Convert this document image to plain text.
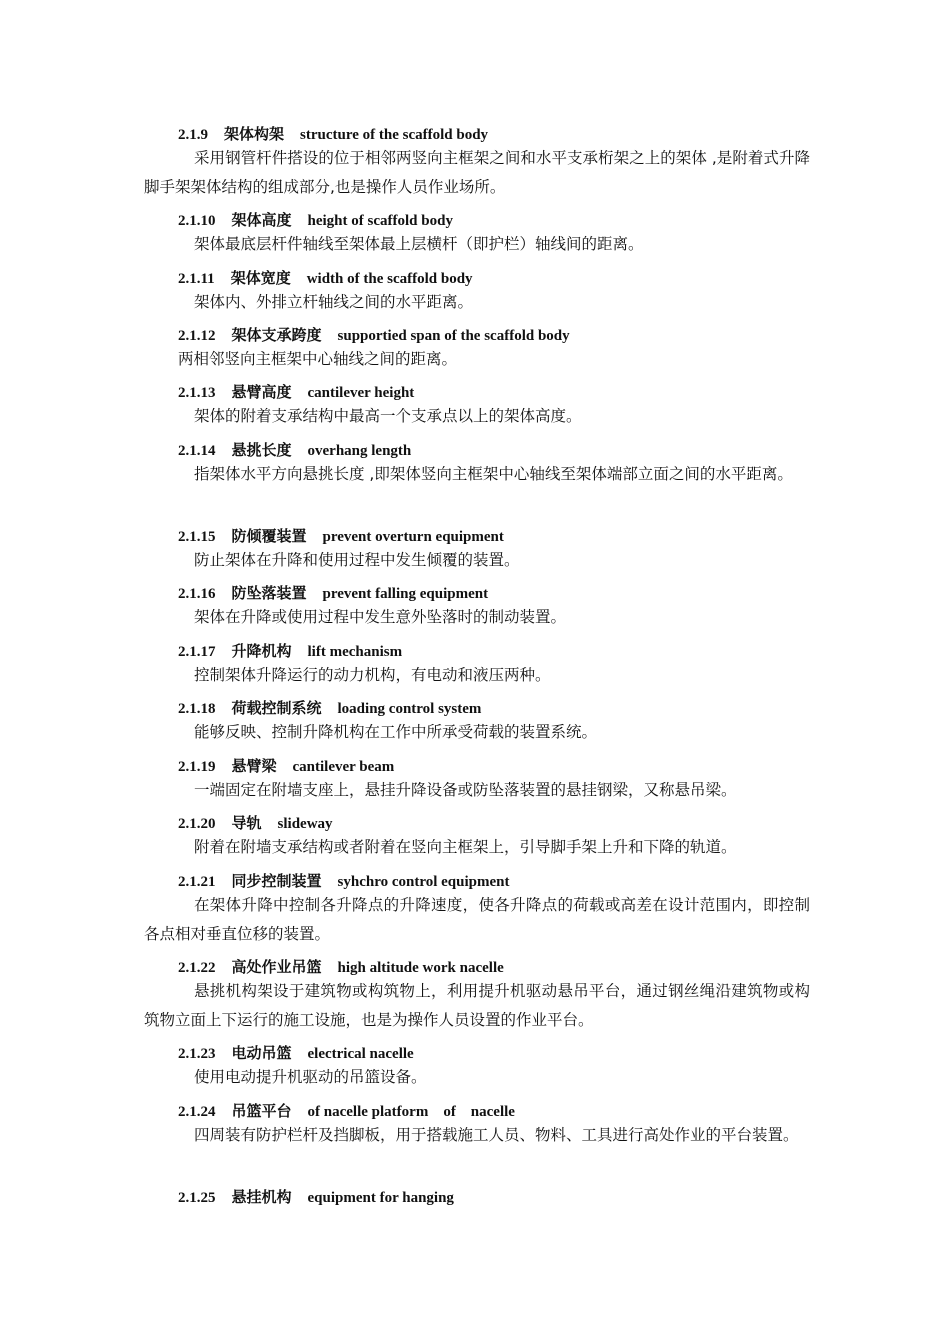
2.1.9 架体构架 structure of the scaffold body
采用钢管杆件搭设的位于相邻两竖向主框架之间和水平支承桁架之上的架体 ,是附着式升降脚手架架体结构的组成部分,也是操作人员作业场所。
2.1.10 架体高度 height of scaffold body
架体最底层杆件轴线至架体最上层横杆（即护栏）轴线间的距离。
2.1.11 架体宽度 width of the scaffold body
架体内、外排立杆轴线之间的水平距离。
2.1.12 架体支承跨度 supportied span of the scaffold body
两相邻竖向主框架中心轴线之间的距离。
2.1.13 悬臂高度 cantilever height
架体的附着支承结构中最高一个支承点以上的架体高度。
2.1.14 悬挑长度 overhang length
指架体水平方向悬挑长度 ,即架体竖向主框架中心轴线至架体端部立面之间的水平距离。
2.1.15 防倾覆装置 prevent overturn equipment
防止架体在升降和使用过程中发生倾覆的装置。
2.1.16 防坠落装置 prevent falling equipment
架体在升降或使用过程中发生意外坠落时的制动装置。
2.1.17 升降机构 lift mechanism
控制架体升降运行的动力机构，有电动和液压两种。
2.1.18 荷载控制系统 loading control system
能够反映、控制升降机构在工作中所承受荷载的装置系统。
2.1.19 悬臂梁 cantilever beam
一端固定在附墙支座上，悬挂升降设备或防坠落装置的悬挂钢梁，又称悬吊梁。
2.1.20 导轨 slideway
附着在附墙支承结构或者附着在竖向主框架上，引导脚手架上升和下降的轨道。
2.1.21 同步控制装置 syhchro control equipment
在架体升降中控制各升降点的升降速度，使各升降点的荷载或高差在设计范围内，即控制各点相对垂直位移的装置。
2.1.22 高处作业吊篮 high altitude work nacelle
悬挑机构架设于建筑物或构筑物上，利用提升机驱动悬吊平台，通过钢丝绳沿建筑物或构筑物立面上下运行的施工设施，也是为操作人员设置的作业平台。
2.1.23 电动吊篮 electrical nacelle
使用电动提升机驱动的吊篮设备。
2.1.24 吊篮平台 of nacelle platform    of    nacelle
四周装有防护栏杆及挡脚板，用于搭载施工人员、物料、工具进行高处作业的平台装置。
2.1.25 悬挂机构 equipment for hanging
